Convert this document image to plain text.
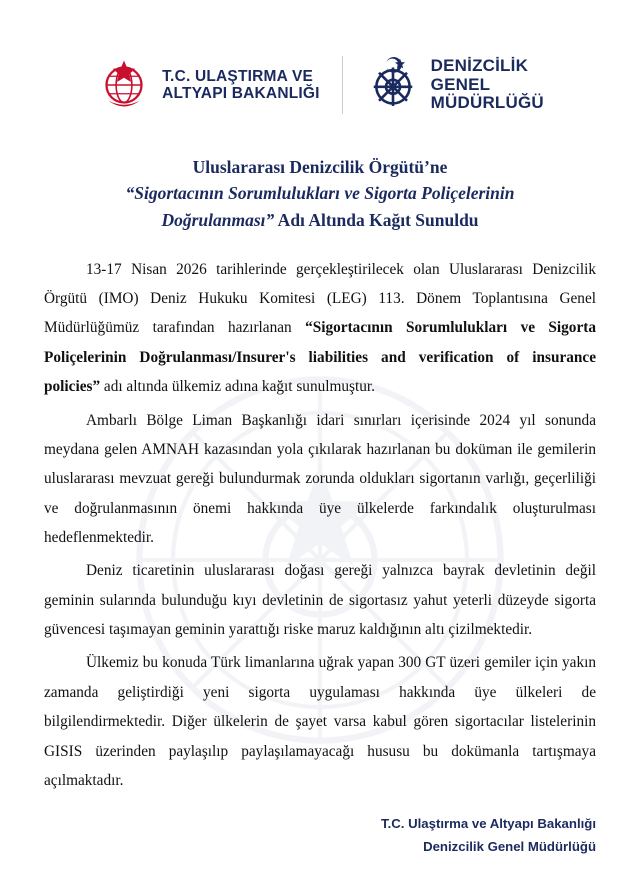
T.C. ULAŞTIRMA VE
ALTYAPI BAKANLIĞI
DENİZCİLİK
GENEL
MÜDÜRLÜĞÜ
Uluslararası Denizcilik Örgütü’ne
“Sigortacının Sorumlulukları ve Sigorta Poliçelerinin
Doğrulanması” Adı Altında Kağıt Sunuldu

13-17 Nisan 2026 tarihlerinde gerçekleştirilecek olan Uluslararası Denizcilik Örgütü (IMO) Deniz Hukuku Komitesi (LEG) 113. Dönem Toplantısına Genel Müdürlüğümüz tarafından hazırlanan “Sigortacının Sorumlulukları ve Sigorta Poliçelerinin Doğrulanması/Insurer's liabilities and verification of insurance policies” adı altında ülkemiz adına kağıt sunulmuştur.

Ambarlı Bölge Liman Başkanlığı idari sınırları içerisinde 2024 yıl sonunda meydana gelen AMNAH kazasından yola çıkılarak hazırlanan bu doküman ile gemilerin uluslararası mevzuat gereği bulundurmak zorunda oldukları sigortanın varlığı, geçerliliği ve doğrulanmasının önemi hakkında üye ülkelerde farkındalık oluşturulması hedeflenmektedir.

Deniz ticaretinin uluslararası doğası gereği yalnızca bayrak devletinin değil geminin sularında bulunduğu kıyı devletinin de sigortasız yahut yeterli düzeyde sigorta güvencesi taşımayan geminin yarattığı riske maruz kaldığının altı çizilmektedir.

Ülkemiz bu konuda Türk limanlarına uğrak yapan 300 GT üzeri gemiler için yakın zamanda geliştirdiği yeni sigorta uygulaması hakkında üye ülkeleri de bilgilendirmektedir. Diğer ülkelerin de şayet varsa kabul gören sigortacılar listelerinin GISIS üzerinden paylaşılıp paylaşılamayacağı hususu bu dokümanla tartışmaya açılmaktadır.

T.C. Ulaştırma ve Altyapı Bakanlığı
Denizcilik Genel Müdürlüğü
